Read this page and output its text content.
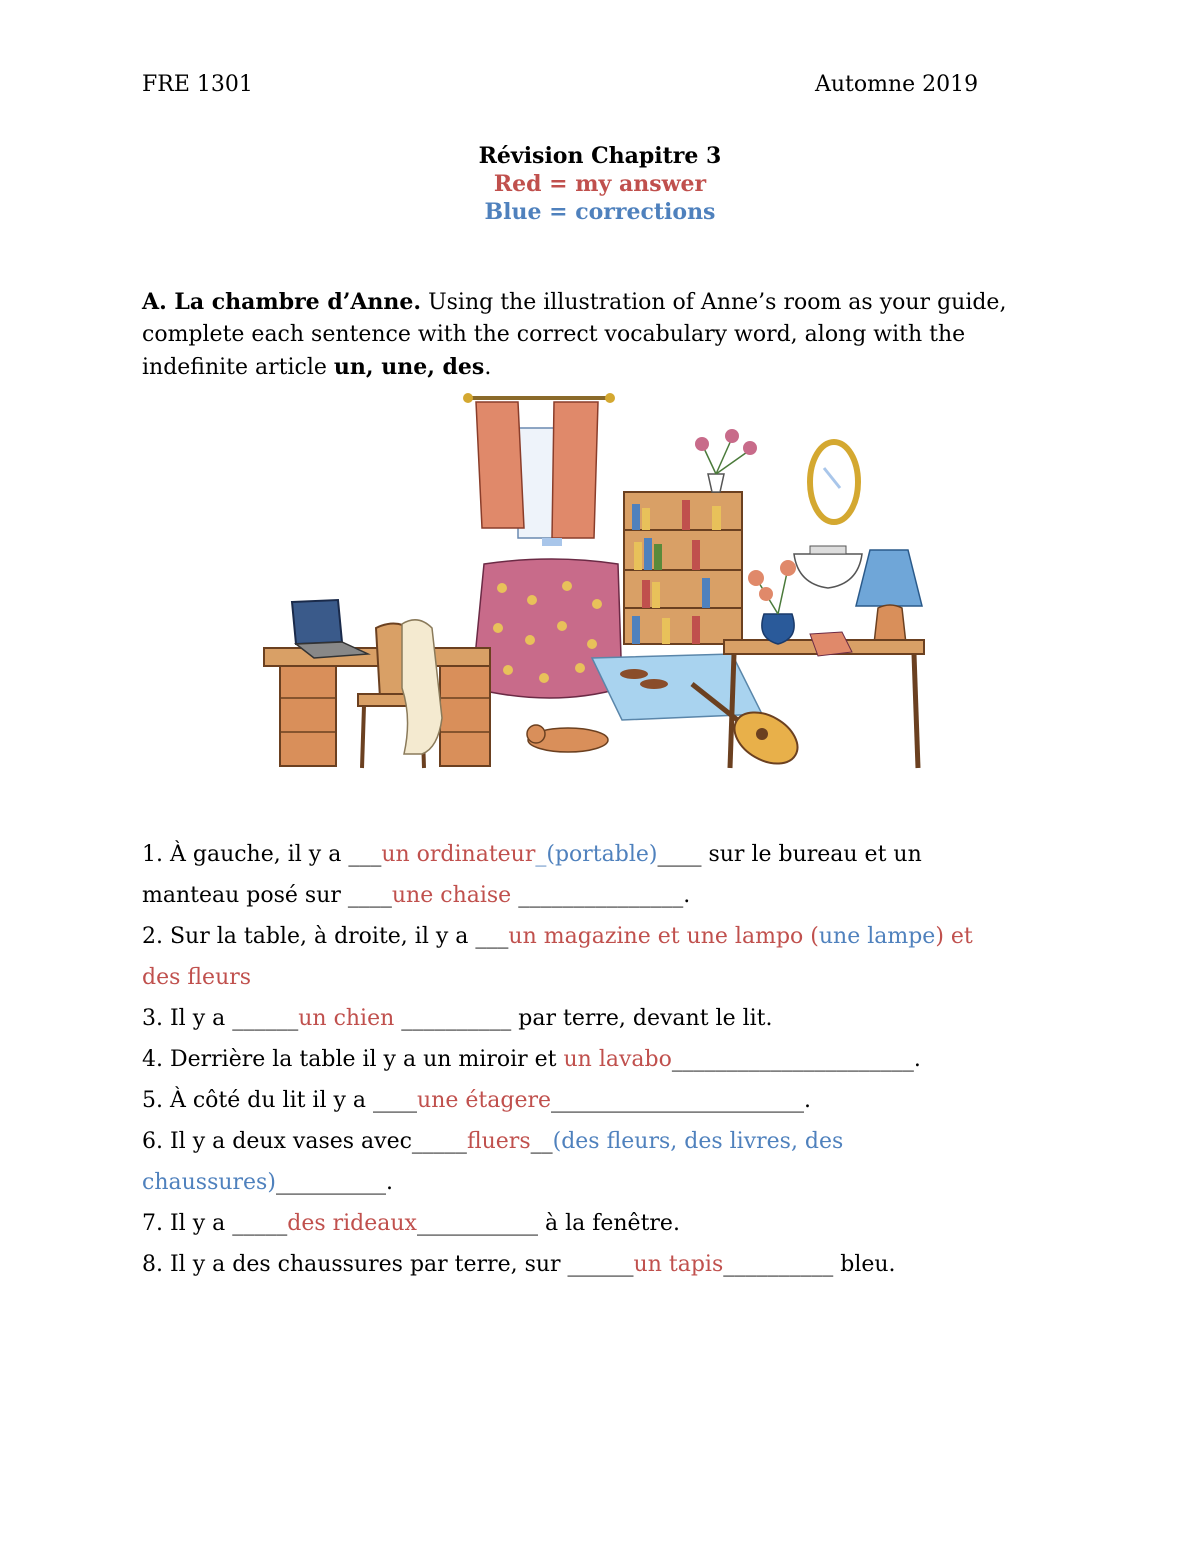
FRE 1301	Automne 2019
Révision Chapitre 3
Red = my answer
Blue = corrections
A. La chambre d’Anne. Using the illustration of Anne’s room as your guide, complete each sentence with the correct vocabulary word, along with the indefinite article un, une, des.
1. À gauche, il y a ___un ordinateur_(portable)____ sur le bureau et un
manteau posé sur ____une chaise _______________.
2. Sur la table, à droite, il y a ___un magazine et une lampo (une lampe) et
des fleurs
3. Il y a ______un chien __________ par terre, devant le lit.
4. Derrière la table il y a un miroir et un lavabo______________________.
5. À côté du lit il y a ____une étagere_______________________.
6. Il y a deux vases avec_____fluers__(des fleurs, des livres, des
chaussures)__________.
7. Il y a _____des rideaux___________ à la fenêtre.
8. Il y a des chaussures par terre, sur ______un tapis__________ bleu.
